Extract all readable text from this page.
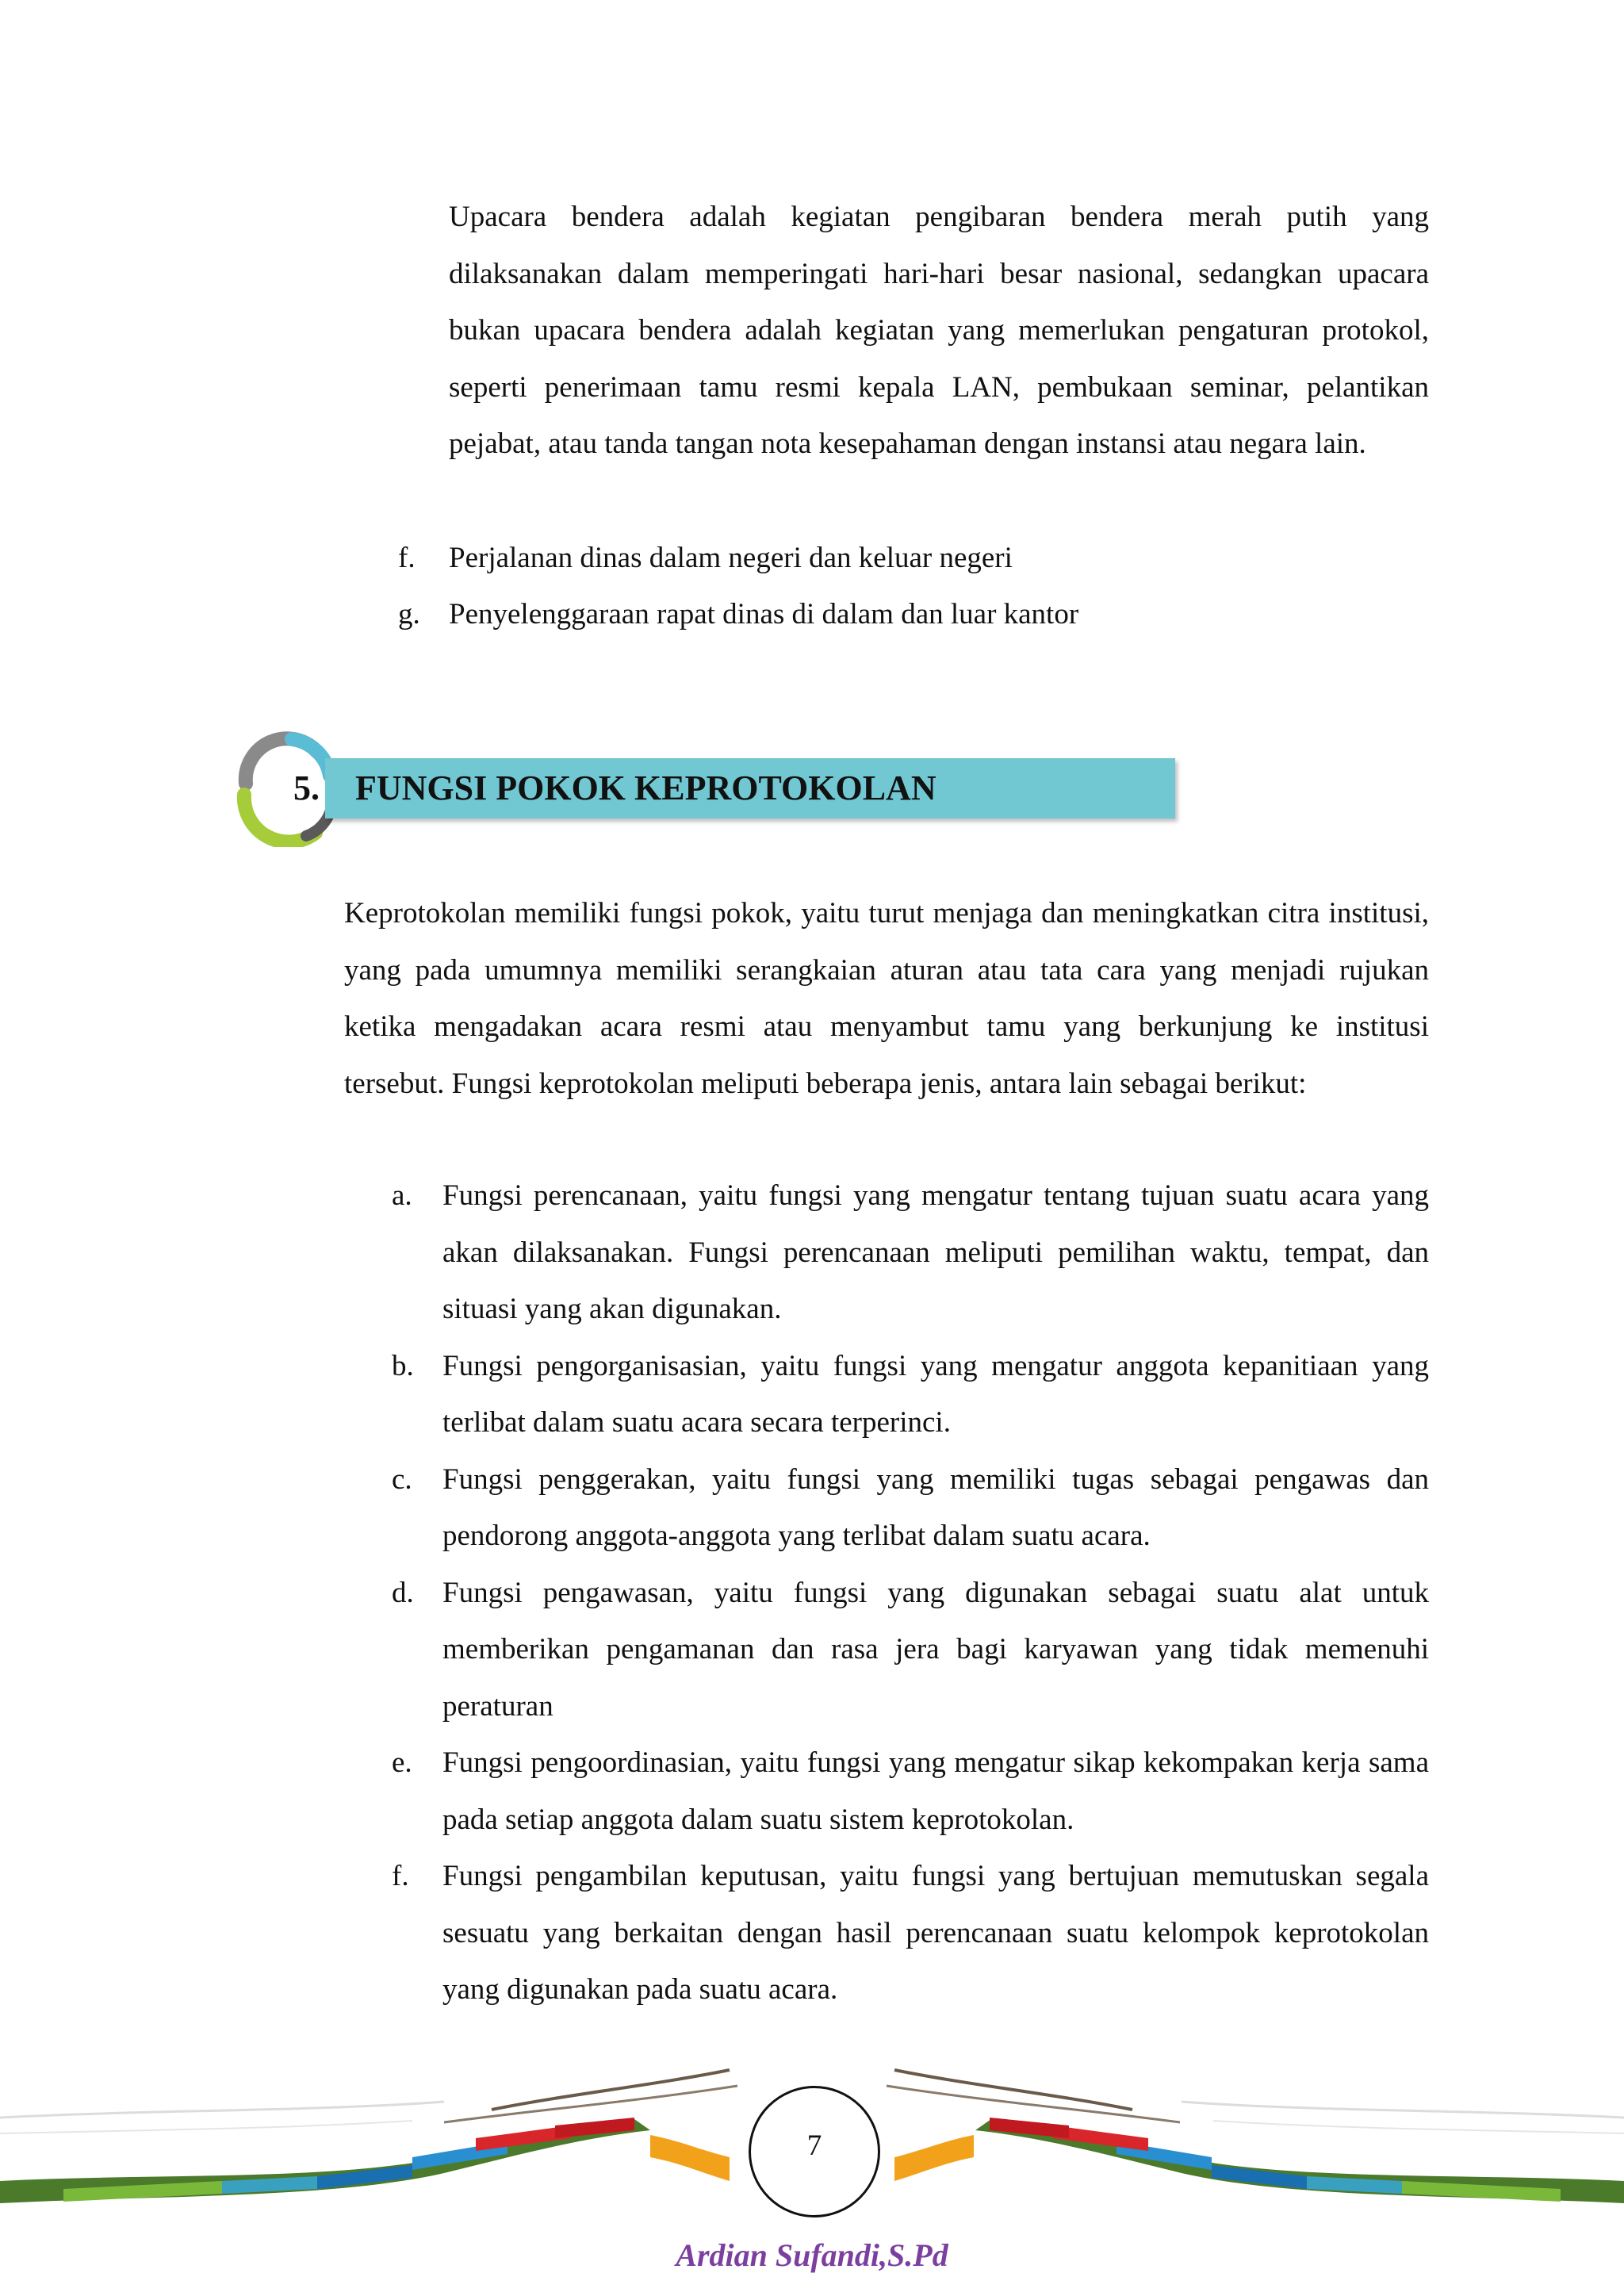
Upacara bendera adalah kegiatan pengibaran bendera merah putih yang dilaksanakan dalam memperingati hari-hari besar nasional, sedangkan upacara bukan upacara bendera adalah kegiatan yang memerlukan pengaturan protokol, seperti penerimaan tamu resmi kepala LAN, pembukaan seminar, pelantikan pejabat, atau tanda tangan nota kesepahaman dengan instansi atau negara lain.

f. Perjalanan dinas dalam negeri dan keluar negeri
g. Penyelenggaraan rapat dinas di dalam dan luar kantor
5. FUNGSI POKOK KEPROTOKOLAN

Keprotokolan memiliki fungsi pokok, yaitu turut menjaga dan meningkatkan citra institusi, yang pada umumnya memiliki serangkaian aturan atau tata cara yang menjadi rujukan ketika mengadakan acara resmi atau menyambut tamu yang berkunjung ke institusi tersebut. Fungsi keprotokolan meliputi beberapa jenis, antara lain sebagai berikut:

a. Fungsi perencanaan, yaitu fungsi yang mengatur tentang tujuan suatu acara yang akan dilaksanakan. Fungsi perencanaan meliputi pemilihan waktu, tempat, dan situasi yang akan digunakan.
b. Fungsi pengorganisasian, yaitu fungsi yang mengatur anggota kepanitiaan yang terlibat dalam suatu acara secara terperinci.
c. Fungsi penggerakan, yaitu fungsi yang memiliki tugas sebagai pengawas dan pendorong anggota-anggota yang terlibat dalam suatu acara.
d. Fungsi pengawasan, yaitu fungsi yang digunakan sebagai suatu alat untuk memberikan pengamanan dan rasa jera bagi karyawan yang tidak memenuhi peraturan
e. Fungsi pengoordinasian, yaitu fungsi yang mengatur sikap kekompakan kerja sama pada setiap anggota dalam suatu sistem keprotokolan.
f. Fungsi pengambilan keputusan, yaitu fungsi yang bertujuan memutuskan segala sesuatu yang berkaitan dengan hasil perencanaan suatu kelompok keprotokolan yang digunakan pada suatu acara.
7
Ardian Sufandi,S.Pd
